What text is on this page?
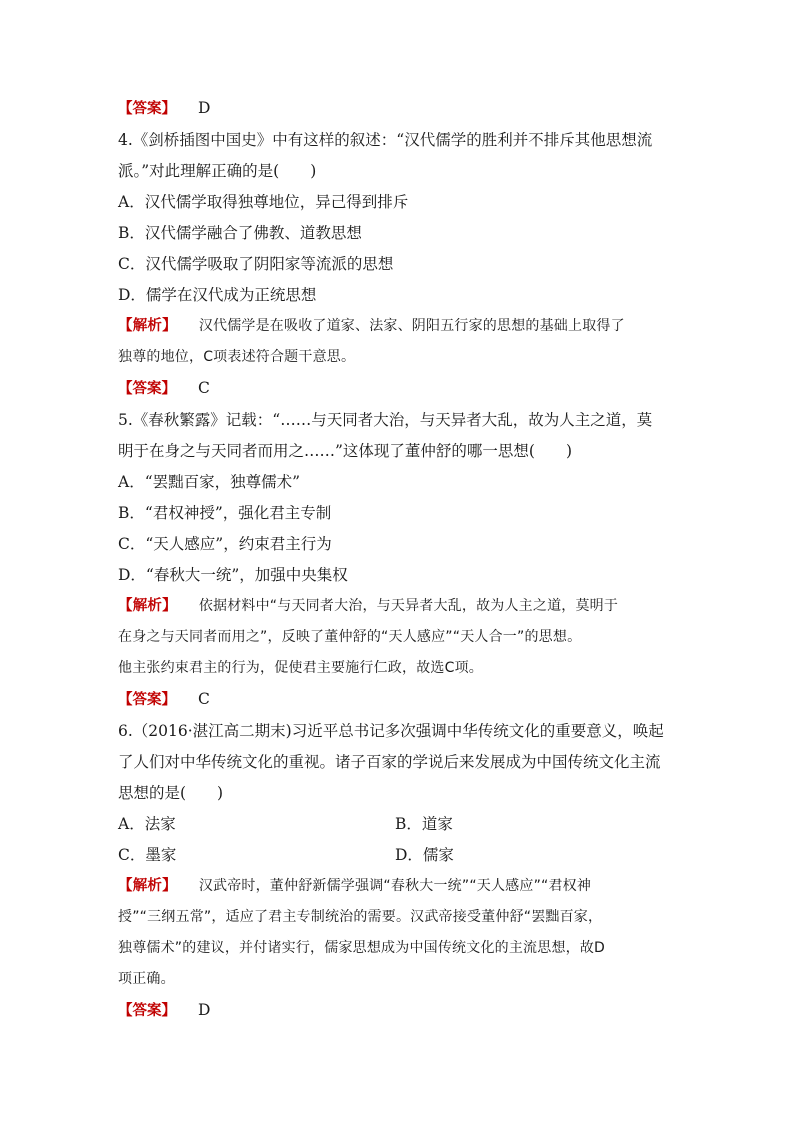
【答案】 D
4.《剑桥插图中国史》中有这样的叙述：“汉代儒学的胜利并不排斥其他思想流
派。”对此理解正确的是(　　)
A．汉代儒学取得独尊地位，异己得到排斥
B．汉代儒学融合了佛教、道教思想
C．汉代儒学吸取了阴阳家等流派的思想
D．儒学在汉代成为正统思想
【解析】 汉代儒学是在吸收了道家、法家、阴阳五行家的思想的基础上取得了
独尊的地位，C项表述符合题干意思。
【答案】 C
5.《春秋繁露》记载：“……与天同者大治，与天异者大乱，故为人主之道，莫
明于在身之与天同者而用之……”这体现了董仲舒的哪一思想(　　)
A．“罢黜百家，独尊儒术”
B．“君权神授”，强化君主专制
C．“天人感应”，约束君主行为
D．“春秋大一统”，加强中央集权
【解析】 依据材料中“与天同者大治，与天异者大乱，故为人主之道，莫明于
在身之与天同者而用之”，反映了董仲舒的“天人感应”“天人合一”的思想。
他主张约束君主的行为，促使君主要施行仁政，故选C项。
【答案】 C
6.（2016·湛江高二期末)习近平总书记多次强调中华传统文化的重要意义，唤起
了人们对中华传统文化的重视。诸子百家的学说后来发展成为中国传统文化主流
思想的是(　　)
A．法家	B．道家
C．墨家	D．儒家
【解析】 汉武帝时，董仲舒新儒学强调“春秋大一统”“天人感应”“君权神
授”“三纲五常”，适应了君主专制统治的需要。汉武帝接受董仲舒“罢黜百家，
独尊儒术”的建议，并付诸实行，儒家思想成为中国传统文化的主流思想，故D
项正确。
【答案】 D
